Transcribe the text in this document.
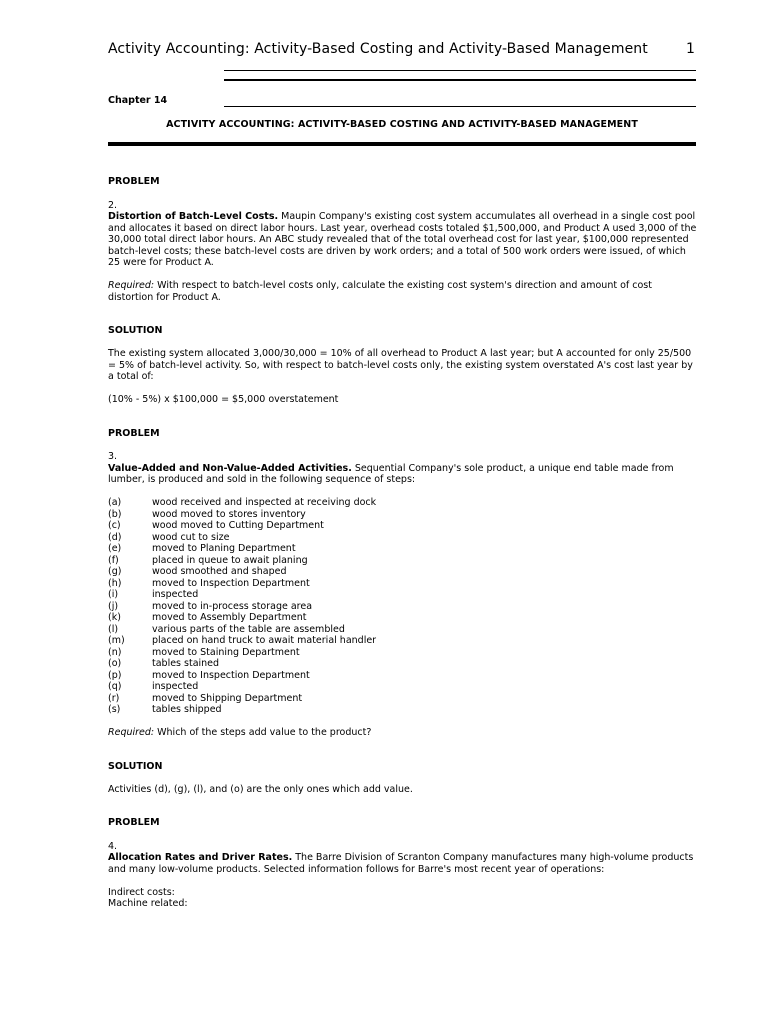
Activity Accounting: Activity-Based Costing and Activity-Based Management	1
Chapter 14
ACTIVITY ACCOUNTING: ACTIVITY-BASED COSTING AND ACTIVITY-BASED MANAGEMENT

PROBLEM

2.

Distortion of Batch-Level Costs. Maupin Company's existing cost system accumulates all overhead in a single cost pool and allocates it based on direct labor hours. Last year, overhead costs totaled $1,500,000, and Product A used 3,000 of the 30,000 total direct labor hours. An ABC study revealed that of the total overhead cost for last year, $100,000 represented batch-level costs; these batch-level costs are driven by work orders; and a total of 500 work orders were issued, of which 25 were for Product A.

Required: With respect to batch-level costs only, calculate the existing cost system's direction and amount of cost distortion for Product A.

SOLUTION

The existing system allocated 3,000/30,000 = 10% of all overhead to Product A last year; but A accounted for only 25/500 = 5% of batch-level activity. So, with respect to batch-level costs only, the existing system overstated A's cost last year by a total of:

(10% - 5%) x $100,000 = $5,000 overstatement

PROBLEM

3.

Value-Added and Non-Value-Added Activities. Sequential Company's sole product, a unique end table made from lumber, is produced and sold in the following sequence of steps:

(a)	wood received and inspected at receiving dock
(b)	wood moved to stores inventory
(c)	wood moved to Cutting Department
(d)	wood cut to size
(e)	moved to Planing Department
(f)	placed in queue to await planing
(g)	wood smoothed and shaped
(h)	moved to Inspection Department
(i)	inspected
(j)	moved to in-process storage area
(k)	moved to Assembly Department
(l)	various parts of the table are assembled
(m)	placed on hand truck to await material handler
(n)	moved to Staining Department
(o)	tables stained
(p)	moved to Inspection Department
(q)	inspected
(r)	moved to Shipping Department
(s)	tables shipped

Required: Which of the steps add value to the product?

SOLUTION

Activities (d), (g), (l), and (o) are the only ones which add value.

PROBLEM

4.

Allocation Rates and Driver Rates. The Barre Division of Scranton Company manufactures many high-volume products and many low-volume products. Selected information follows for Barre's most recent year of operations:

Indirect costs:

Machine related:
